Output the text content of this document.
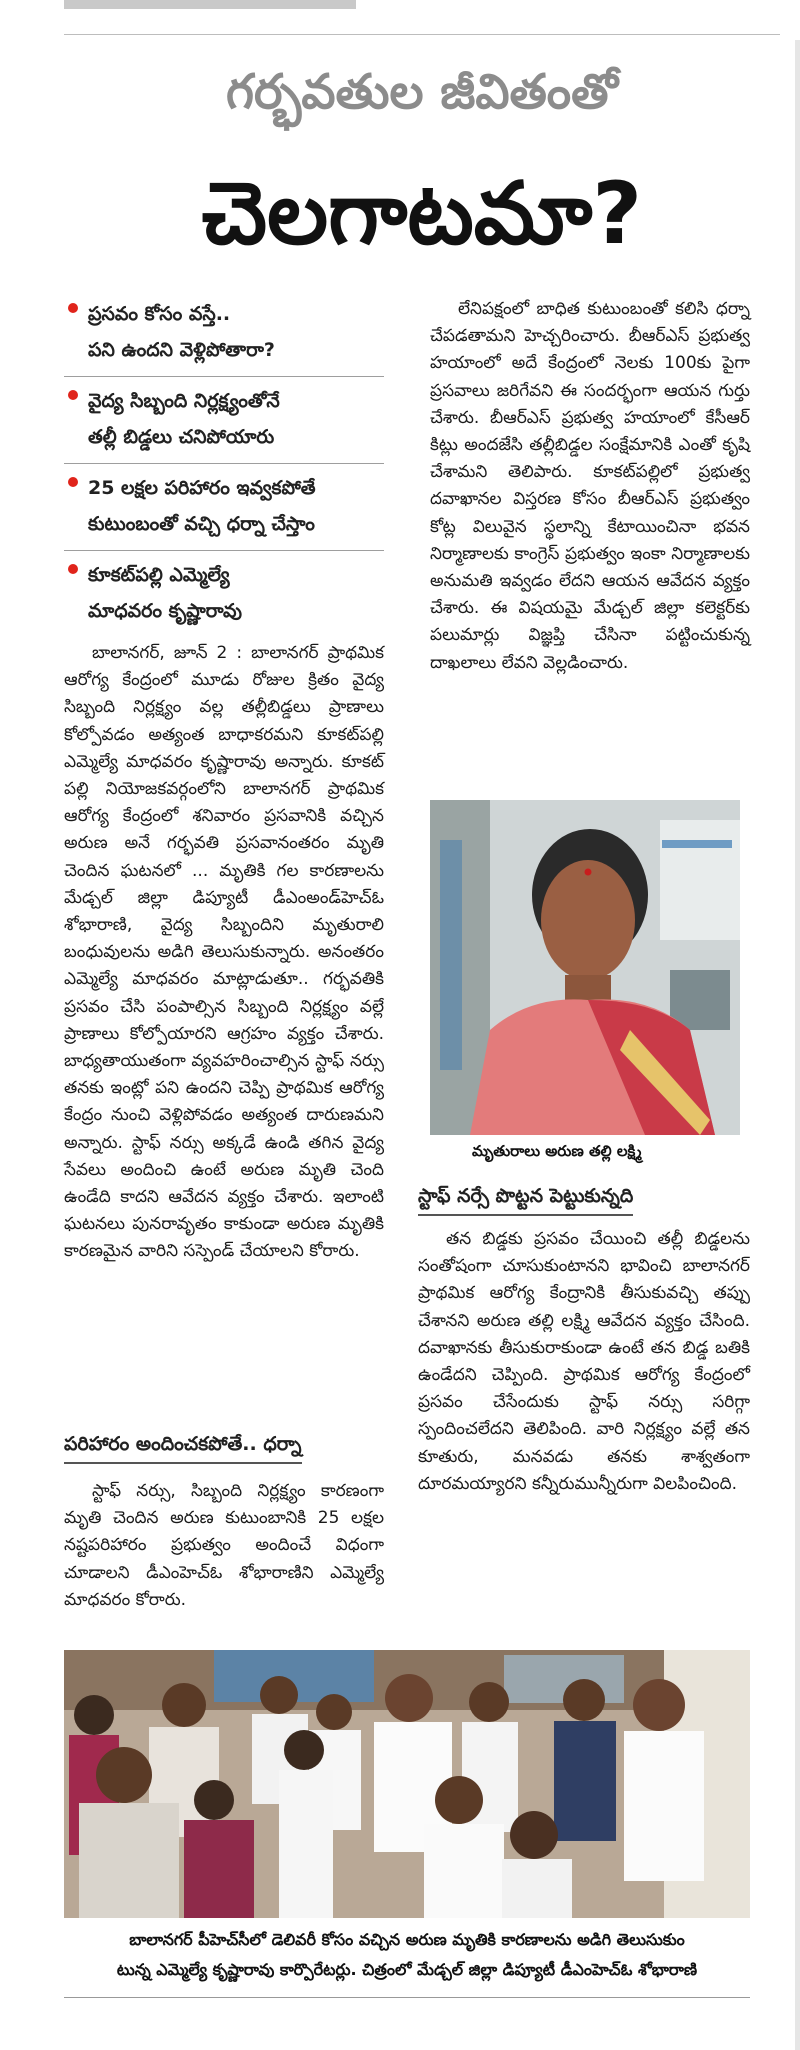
గర్భవతుల జీవితంతో
చెలగాటమా?

ప్రసవం కోసం వస్తే..

పని ఉందని వెళ్లిపోతారా?

వైద్య సిబ్బంది నిర్లక్ష్యంతోనే

తల్లీ బిడ్డలు చనిపోయారు

25 లక్షల పరిహారం ఇవ్వకపోతే

కుటుంబంతో వచ్చి ధర్నా చేస్తాం

కూకట్‌పల్లి ఎమ్మెల్యే

మాధవరం కృష్ణారావు

బాలానగర్, జూన్ 2 : బాలానగర్ ప్రాథమిక ఆరోగ్య కేంద్రంలో మూడు రోజుల క్రితం వైద్య సిబ్బంది నిర్లక్ష్యం వల్ల తల్లీబిడ్డలు ప్రాణాలు కోల్పోవడం అత్యంత బాధాకరమని కూకట్‌పల్లి ఎమ్మెల్యే మాధవరం కృష్ణారావు అన్నారు. కూకట్ పల్లి నియోజకవర్గంలోని బాలానగర్ ప్రాథమిక ఆరోగ్య కేంద్రంలో శనివారం ప్రసవానికి వచ్చిన అరుణ అనే గర్భవతి ప్రసవానంతరం మృతి చెందిన ఘటనలో ... మృతికి గల కారణాలను మేడ్చల్ జిల్లా డిప్యూటీ డీఎంఅండ్‌హెచ్‌ఓ శోభారాణి, వైద్య సిబ్బందిని మృతురాలి బంధువులను అడిగి తెలుసుకున్నారు. అనంతరం ఎమ్మెల్యే మాధవరం మాట్లాడుతూ.. గర్భవతికి ప్రసవం చేసి పంపాల్సిన సిబ్బంది నిర్లక్ష్యం వల్లే ప్రాణాలు కోల్పోయారని ఆగ్రహం వ్యక్తం చేశారు. బాధ్యతాయుతంగా వ్యవహరించాల్సిన స్టాఫ్ నర్సు తనకు ఇంట్లో పని ఉందని చెప్పి ప్రాథమిక ఆరోగ్య కేంద్రం నుంచి వెళ్లిపోవడం అత్యంత దారుణమని అన్నారు. స్టాఫ్ నర్సు అక్కడే ఉండి తగిన వైద్య సేవలు అందించి ఉంటే అరుణ మృతి చెంది ఉండేది కాదని ఆవేదన వ్యక్తం చేశారు. ఇలాంటి ఘటనలు పునరావృతం కాకుండా అరుణ మృతికి కారణమైన వారిని సస్పెండ్ చేయాలని కోరారు.

పరిహారం అందించకపోతే.. ధర్నా

స్టాఫ్ నర్సు, సిబ్బంది నిర్లక్ష్యం కారణంగా మృతి చెందిన అరుణ కుటుంబానికి 25 లక్షల నష్టపరిహారం ప్రభుత్వం అందించే విధంగా చూడాలని డీఎంహెచ్‌ఓ శోభారాణిని ఎమ్మెల్యే మాధవరం కోరారు.

లేనిపక్షంలో బాధిత కుటుంబంతో కలిసి ధర్నా చేపడతామని హెచ్చరించారు. బీఆర్ఎస్ ప్రభుత్వ హయాంలో అదే కేంద్రంలో నెలకు 100కు పైగా ప్రసవాలు జరిగేవని ఈ సందర్భంగా ఆయన గుర్తు చేశారు. బీఆర్ఎస్ ప్రభుత్వ హయాంలో కేసీఆర్ కిట్లు అందజేసి తల్లీబిడ్డల సంక్షేమానికి ఎంతో కృషి చేశామని తెలిపారు. కూకట్‌పల్లిలో ప్రభుత్వ దవాఖానల విస్తరణ కోసం బీఆర్ఎస్ ప్రభుత్వం కోట్ల విలువైన స్థలాన్ని కేటాయించినా భవన నిర్మాణాలకు కాంగ్రెస్ ప్రభుత్వం ఇంకా నిర్మాణాలకు అనుమతి ఇవ్వడం లేదని ఆయన ఆవేదన వ్యక్తం చేశారు. ఈ విషయమై మేడ్చల్ జిల్లా కలెక్టర్‌కు పలుమార్లు విజ్ఞప్తి చేసినా పట్టించుకున్న దాఖలాలు లేవని వెల్లడించారు.

మృతురాలు అరుణ తల్లి లక్ష్మి
స్టాఫ్ నర్సే పొట్టన పెట్టుకున్నది

తన బిడ్డకు ప్రసవం చేయించి తల్లీ బిడ్డలను సంతోషంగా చూసుకుంటానని భావించి బాలానగర్ ప్రాథమిక ఆరోగ్య కేంద్రానికి తీసుకువచ్చి తప్పు చేశానని అరుణ తల్లి లక్ష్మి ఆవేదన వ్యక్తం చేసింది. దవాఖానకు తీసుకురాకుండా ఉంటే తన బిడ్డ బతికి ఉండేదని చెప్పింది. ప్రాథమిక ఆరోగ్య కేంద్రంలో ప్రసవం చేసేందుకు స్టాఫ్ నర్సు సరిగ్గా స్పందించలేదని తెలిపింది. వారి నిర్లక్ష్యం వల్లే తన కూతురు, మనవడు తనకు శాశ్వతంగా దూరమయ్యారని కన్నీరుమున్నీరుగా విలపించింది.

బాలానగర్ పీహెచ్‌సీలో డెలివరీ కోసం వచ్చిన అరుణ మృతికి కారణాలను అడిగి తెలుసుకుం
టున్న ఎమ్మెల్యే కృష్ణారావు కార్పొరేటర్లు. చిత్రంలో మేడ్చల్ జిల్లా డిప్యూటీ డీఎంహెచ్‌ఓ శోభారాణి
